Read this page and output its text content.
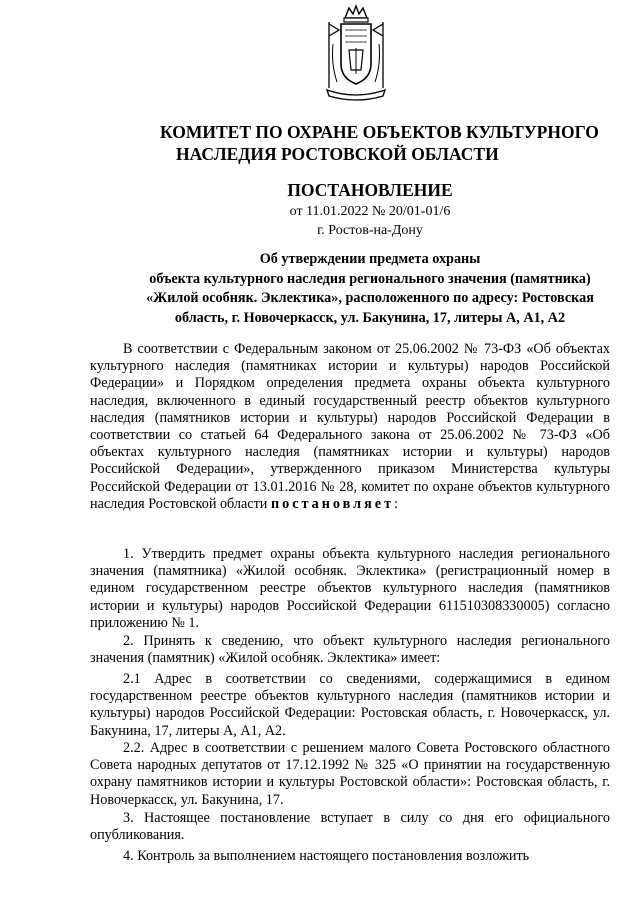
КОМИТЕТ ПО ОХРАНЕ ОБЪЕКТОВ КУЛЬТУРНОГО
НАСЛЕДИЯ РОСТОВСКОЙ ОБЛАСТИ
ПОСТАНОВЛЕНИЕ
от 11.01.2022 № 20/01-01/6
г. Ростов-на-Дону
Об утверждении предмета охраны
объекта культурного наследия регионального значения (памятника)
«Жилой особняк. Эклектика», расположенного по адресу: Ростовская
область, г. Новочеркасск, ул. Бакунина, 17, литеры А, А1, А2

В соответствии с Федеральным законом от 25.06.2002 № 73-ФЗ «Об объектах культурного наследия (памятниках истории и культуры) народов Российской Федерации» и Порядком определения предмета охраны объекта культурного наследия, включенного в единый государственный реестр объектов культурного наследия (памятников истории и культуры) народов Российской Федерации в соответствии со статьей 64 Федерального закона от 25.06.2002 № 73-ФЗ «Об объектах культурного наследия (памятниках истории и культуры) народов Российской Федерации», утвержденного приказом Министерства культуры Российской Федерации от 13.01.2016 № 28, комитет по охране объектов культурного наследия Ростовской области постановляет:

1. Утвердить предмет охраны объекта культурного наследия регионального значения (памятника) «Жилой особняк. Эклектика» (регистрационный номер в едином государственном реестре объектов культурного наследия (памятников истории и культуры) народов Российской Федерации 611510308330005) согласно приложению № 1.

2. Принять к сведению, что объект культурного наследия регионального значения (памятник) «Жилой особняк. Эклектика» имеет:

2.1 Адрес в соответствии со сведениями, содержащимися в едином государственном реестре объектов культурного наследия (памятников истории и культуры) народов Российской Федерации: Ростовская область, г. Новочеркасск, ул. Бакунина, 17, литеры А, А1, А2.

2.2. Адрес в соответствии с решением малого Совета Ростовского областного Совета народных депутатов от 17.12.1992 № 325 «О принятии на государственную охрану памятников истории и культуры Ростовской области»: Ростовская область, г. Новочеркасск, ул. Бакунина, 17.

3. Настоящее постановление вступает в силу со дня его официального опубликования.

4. Контроль за выполнением настоящего постановления возложить
